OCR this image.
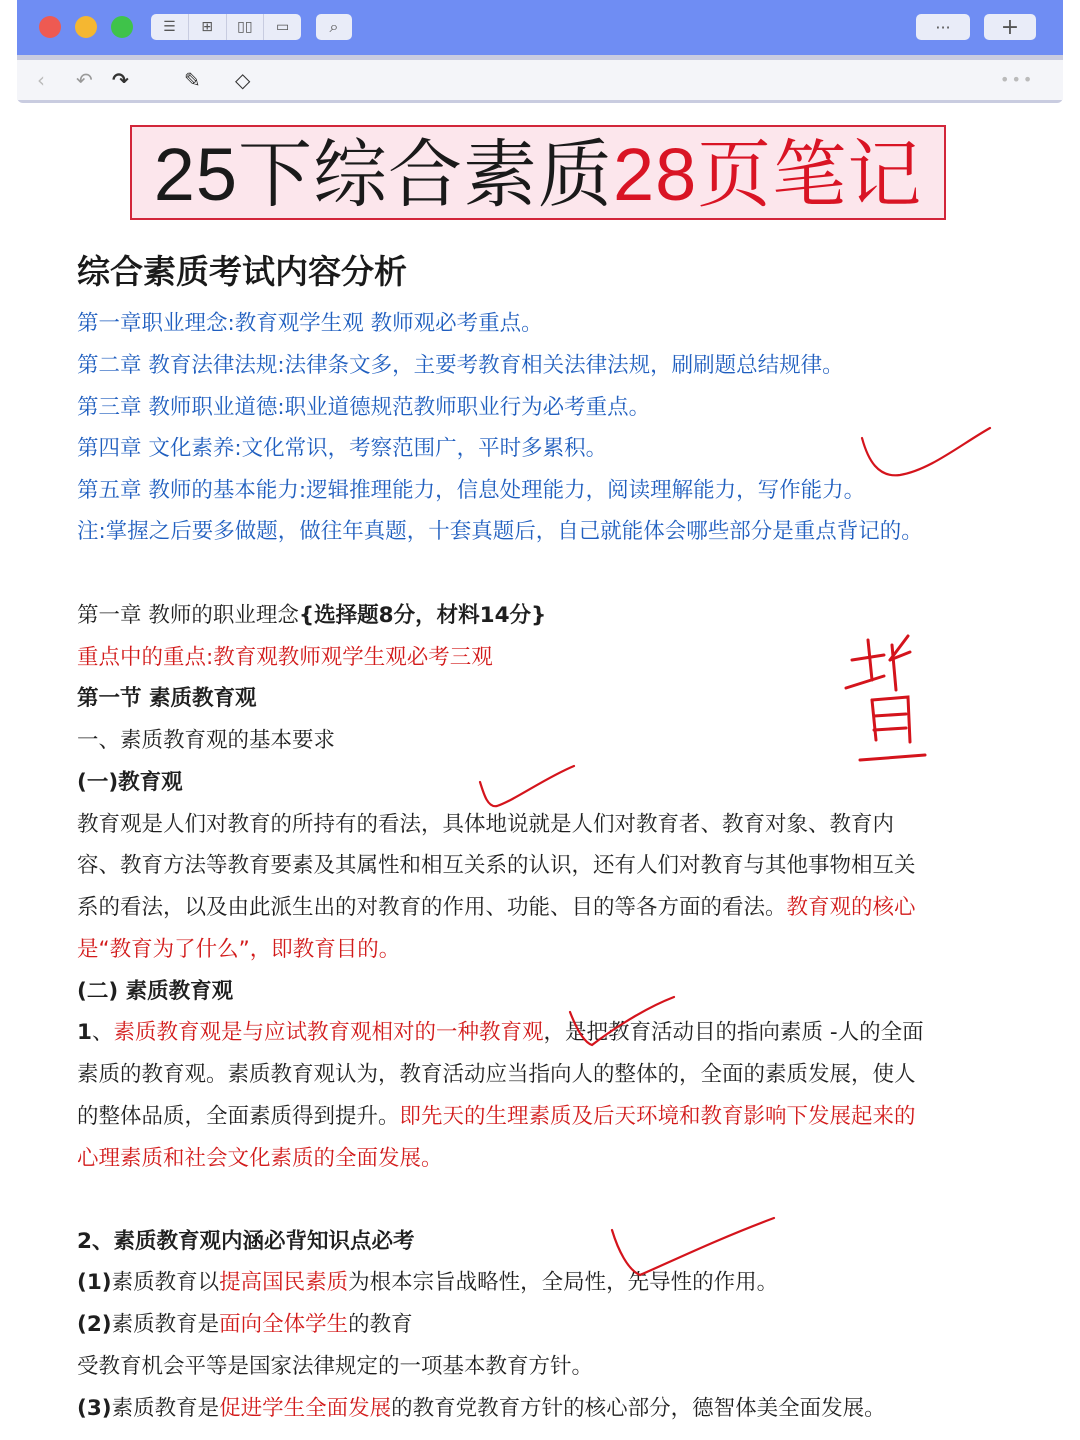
☰	⊞	▯▯	▭	⌕	···	+
‹ ↶ ↷	✎ ◇	•••
25下综合素质28页笔记
综合素质考试内容分析
第一章职业理念:教育观学生观 教师观必考重点。
第二章 教育法律法规:法律条文多，主要考教育相关法律法规，刷刷题总结规律。
第三章 教师职业道德:职业道德规范教师职业行为必考重点。
第四章 文化素养:文化常识，考察范围广，平时多累积。
第五章 教师的基本能力:逻辑推理能力，信息处理能力，阅读理解能力，写作能力。
注:掌握之后要多做题，做往年真题，十套真题后，自己就能体会哪些部分是重点背记的。
第一章 教师的职业理念{选择题8分，材料14分}
重点中的重点:教育观教师观学生观必考三观
第一节 素质教育观
一、素质教育观的基本要求
(一)教育观
教育观是人们对教育的所持有的看法，具体地说就是人们对教育者、教育对象、教育内
容、教育方法等教育要素及其属性和相互关系的认识，还有人们对教育与其他事物相互关
系的看法，以及由此派生出的对教育的作用、功能、目的等各方面的看法。教育观的核心
是“教育为了什么”，即教育目的。
(二) 素质教育观
1、素质教育观是与应试教育观相对的一种教育观，是把教育活动目的指向素质 -人的全面
素质的教育观。素质教育观认为，教育活动应当指向人的整体的，全面的素质发展，使人
的整体品质，全面素质得到提升。即先天的生理素质及后天环境和教育影响下发展起来的
心理素质和社会文化素质的全面发展。
2、素质教育观内涵必背知识点必考
(1)素质教育以提高国民素质为根本宗旨战略性，全局性，先导性的作用。
(2)素质教育是面向全体学生的教育
受教育机会平等是国家法律规定的一项基本教育方针。
(3)素质教育是促进学生全面发展的教育党教育方针的核心部分，德智体美全面发展。
